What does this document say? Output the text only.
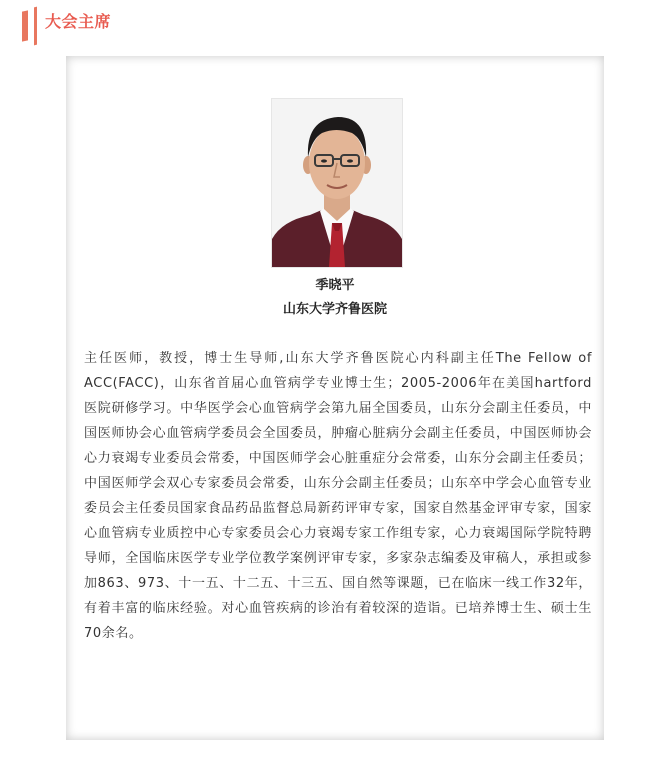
大会主席
季晓平
山东大学齐鲁医院

主任医师，教授，博士生导师,山东大学齐鲁医院心内科副主任The Fellow of ACC(FACC)，山东省首届心血管病学专业博士生；2005-2006年在美国hartford医院研修学习。中华医学会心血管病学会第九届全国委员，山东分会副主任委员，中国医师协会心血管病学委员会全国委员，肿瘤心脏病分会副主任委员，中国医师协会心力衰竭专业委员会常委，中国医师学会心脏重症分会常委，山东分会副主任委员；中国医师学会双心专家委员会常委，山东分会副主任委员；山东卒中学会心血管专业委员会主任委员国家食品药品监督总局新药评审专家，国家自然基金评审专家，国家心血管病专业质控中心专家委员会心力衰竭专家工作组专家，心力衰竭国际学院特聘导师，全国临床医学专业学位教学案例评审专家，多家杂志编委及审稿人，承担或参加863、973、十一五、十二五、十三五、国自然等课题，已在临床一线工作32年，有着丰富的临床经验。对心血管疾病的诊治有着较深的造诣。已培养博士生、硕士生70余名。
